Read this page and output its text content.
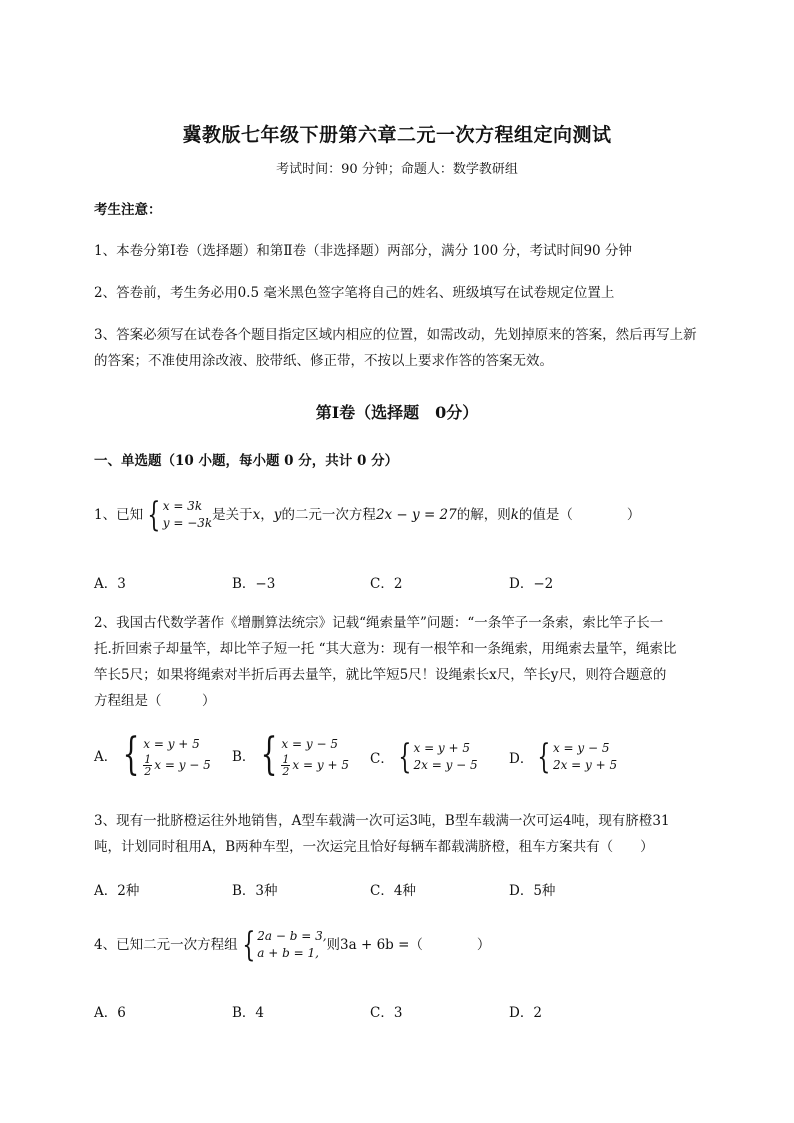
冀教版七年级下册第六章二元一次方程组定向测试
考试时间：90 分钟；命题人：数学教研组
考生注意：
1、本卷分第Ⅰ卷（选择题）和第Ⅱ卷（非选择题）两部分，满分 100 分，考试时间90 分钟
2、答卷前，考生务必用0.5 毫米黑色签字笔将自己的姓名、班级填写在试卷规定位置上
3、答案必须写在试卷各个题目指定区域内相应的位置，如需改动，先划掉原来的答案，然后再写上新
的答案；不准使用涂改液、胶带纸、修正带，不按以上要求作答的答案无效。
第Ⅰ卷（选择题　0分）
一、单选题（10 小题，每小题 0 分，共计 0 分）
1、已知 { x = 3k
y = −3k 是关于 x ， y 的二元一次方程 2x − y = 27 的解，则 k 的值是（　　　　）
A．3	B．−3	C．2	D．−2
2、我国古代数学著作《增删算法统宗》记载“绳索量竿”问题：“一条竿子一条索，索比竿子长一
托.折回索子却量竿，却比竿子短一托 “其大意为：现有一根竿和一条绳索，用绳索去量竿，绳索比
竿长5尺；如果将绳索对半折后再去量竿，就比竿短5尺！设绳索长x尺，竿长y尺，则符合题意的
方程组是（　　　）
A． { x = y + 5
$\frac{1}{2}$ x = y − 5 B． { x = y − 5
$\frac{1}{2}$ x = y + 5 C． { x = y + 5
2x = y − 5 D． { x = y − 5
2x = y + 5
3、现有一批脐橙运往外地销售，A型车载满一次可运3吨，B型车载满一次可运4吨，现有脐橙31
吨，计划同时租用A，B两种车型，一次运完且恰好每辆车都载满脐橙，租车方案共有（　　）
A．2种	B．3种	C．4种	D．5种
4、已知二元一次方程组 { 2a − b = 3,
a + b = 1, 则3a + 6b =（　　　　）
A．6	B．4	C．3	D．2
